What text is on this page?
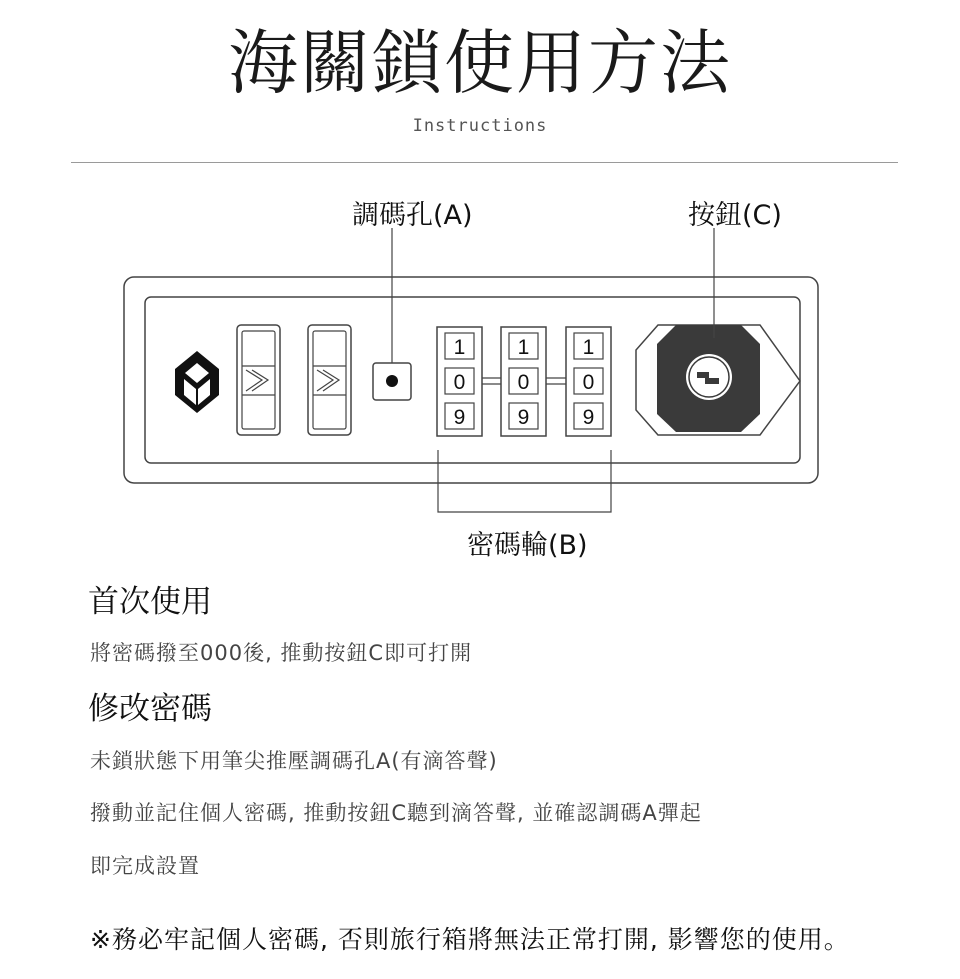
海關鎖使用方法
Instructions
1
0
9
1
0
9
1
0
9
調碼孔(A)	按鈕(C)
密碼輪(B)
首次使用
將密碼撥至000後, 推動按鈕C即可打開
修改密碼
未鎖狀態下用筆尖推壓調碼孔A(有滴答聲)
撥動並記住個人密碼, 推動按鈕C聽到滴答聲, 並確認調碼A彈起
即完成設置
※務必牢記個人密碼, 否則旅行箱將無法正常打開, 影響您的使用。
